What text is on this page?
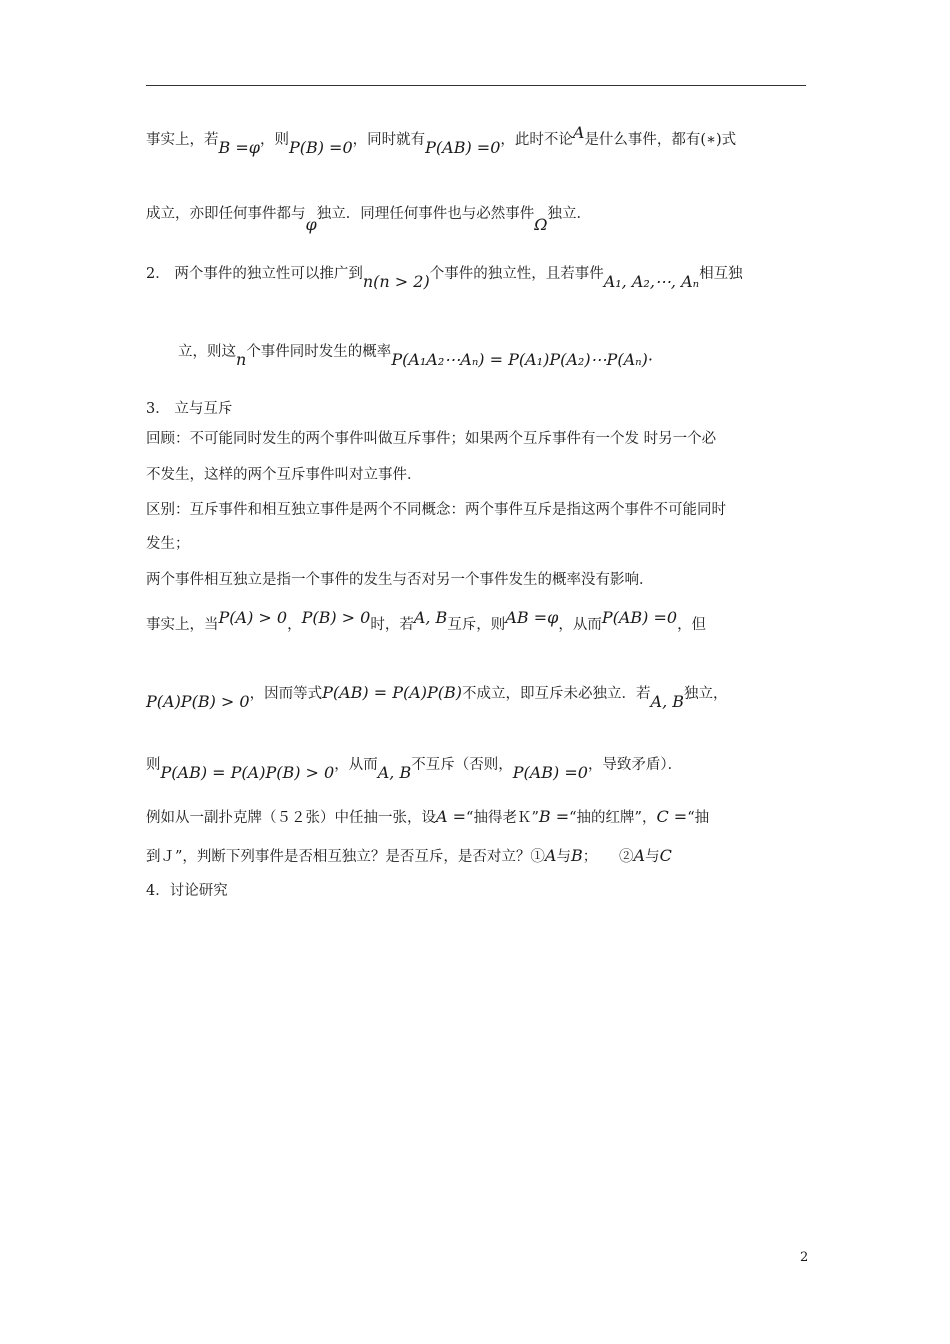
事实上，若B =φ，则P(B) =0，同时就有P(AB) =0，此时不论A是什么事件，都有(∗)式
成立，亦即任何事件都与φ独立．同理任何事件也与必然事件Ω独立．
2． 两个事件的独立性可以推广到n(n > 2)个事件的独立性，且若事件A₁, A₂,⋯, Aₙ相互独
立，则这n个事件同时发生的概率P(A₁A₂⋯Aₙ) = P(A₁)P(A₂)⋯P(Aₙ)·
3． 立与互斥
回顾：不可能同时发生的两个事件叫做互斥事件；如果两个互斥事件有一个发 时另一个必
不发生，这样的两个互斥事件叫对立事件．
区别：互斥事件和相互独立事件是两个不同概念：两个事件互斥是指这两个事件不可能同时
发生；
两个事件相互独立是指一个事件的发生与否对另一个事件发生的概率没有影响．
事实上，当P(A) > 0，P(B) > 0时，若A, B互斥，则AB =φ，从而P(AB) =0，但
P(A)P(B) > 0，因而等式P(AB) = P(A)P(B)不成立，即互斥未必独立．若A, B独立，
则P(AB) = P(A)P(B) > 0，从而A, B不互斥（否则，P(AB) =0，导致矛盾）．
例如从一副扑克牌（５２张）中任抽一张，设A =“抽得老Ｋ”B =“抽的红牌”，C =“抽
到Ｊ”，判断下列事件是否相互独立？是否互斥，是否对立？①A与B；　　②A与C
4．讨论研究
2
